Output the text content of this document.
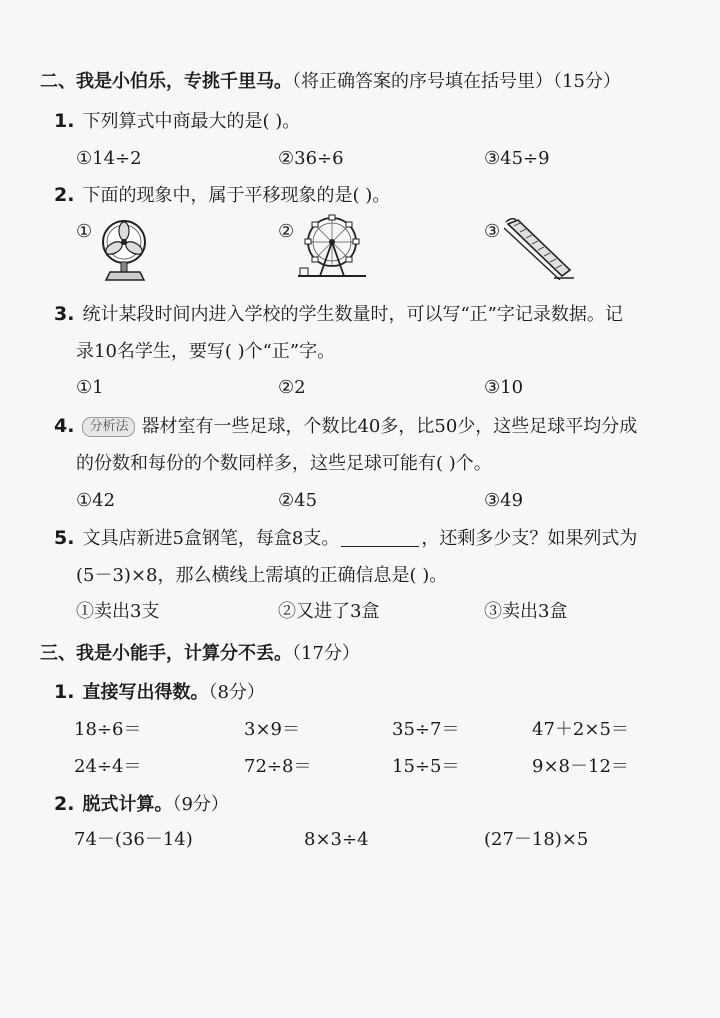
二、我是小伯乐，专挑千里马。（将正确答案的序号填在括号里）（15分）
1. 下列算式中商最大的是( )。
①14÷2	②36÷6	③45÷9
2. 下面的现象中，属于平移现象的是( )。
①	②	③
3. 统计某段时间内进入学校的学生数量时，可以写“正”字记录数据。记
录10名学生，要写( )个“正”字。
①1	②2	③10
4. 分析法 器材室有一些足球，个数比40多，比50少，这些足球平均分成
的份数和每份的个数同样多，这些足球可能有( )个。
①42	②45	③49
5. 文具店新进5盒钢笔，每盒8支。	，还剩多少支？如果列式为
(5－3)×8，那么横线上需填的正确信息是( )。
①卖出3支	②又进了3盒	③卖出3盒
三、我是小能手，计算分不丢。（17分）
1. 直接写出得数。（8分）
18÷6＝	3×9＝	35÷7＝	47＋2×5＝
24÷4＝	72÷8＝	15÷5＝	9×8－12＝
2. 脱式计算。（9分）
74－(36－14)	8×3÷4	(27－18)×5
